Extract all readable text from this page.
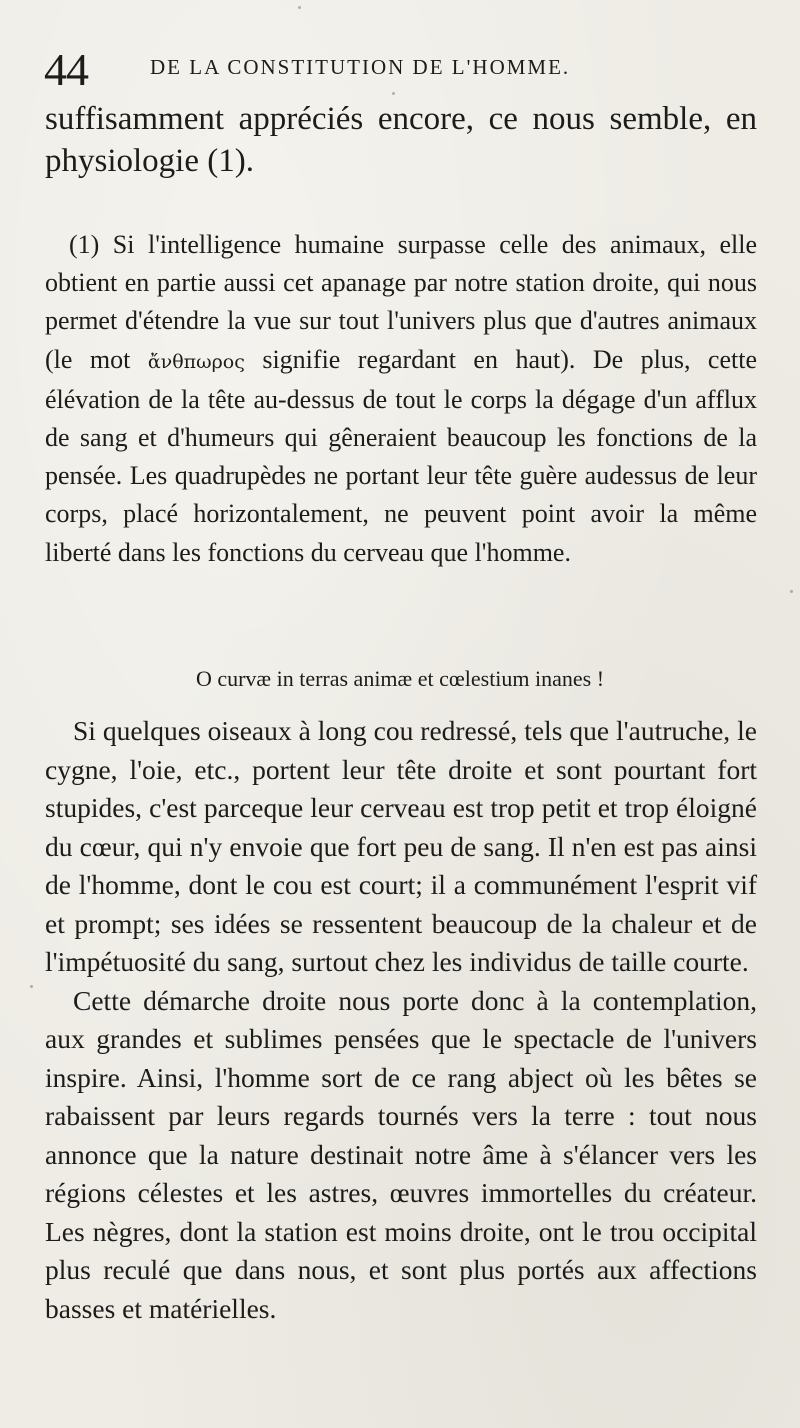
44	DE LA CONSTITUTION DE L'HOMME.
suffisamment appréciés encore, ce nous semble, en physiologie (1).

(1) Si l'intelligence humaine surpasse celle des animaux, elle obtient en partie aussi cet apanage par notre station droite, qui nous permet d'étendre la vue sur tout l'univers plus que d'autres animaux (le mot ἄνθπωρος signifie regardant en haut). De plus, cette élévation de la tête au-dessus de tout le corps la dégage d'un afflux de sang et d'humeurs qui gêneraient beaucoup les fonctions de la pensée. Les quadrupèdes ne portant leur tête guère audessus de leur corps, placé horizontalement, ne peuvent point avoir la même liberté dans les fonctions du cerveau que l'homme.

O curvæ in terras animæ et cœlestium inanes !

Si quelques oiseaux à long cou redressé, tels que l'autruche, le cygne, l'oie, etc., portent leur tête droite et sont pourtant fort stupides, c'est parceque leur cerveau est trop petit et trop éloigné du cœur, qui n'y envoie que fort peu de sang. Il n'en est pas ainsi de l'homme, dont le cou est court; il a communément l'esprit vif et prompt; ses idées se ressentent beaucoup de la chaleur et de l'impétuosité du sang, surtout chez les individus de taille courte.

Cette démarche droite nous porte donc à la contemplation, aux grandes et sublimes pensées que le spectacle de l'univers inspire. Ainsi, l'homme sort de ce rang abject où les bêtes se rabaissent par leurs regards tournés vers la terre : tout nous annonce que la nature destinait notre âme à s'élancer vers les régions célestes et les astres, œuvres immortelles du créateur. Les nègres, dont la station est moins droite, ont le trou occipital plus reculé que dans nous, et sont plus portés aux affections basses et matérielles.
